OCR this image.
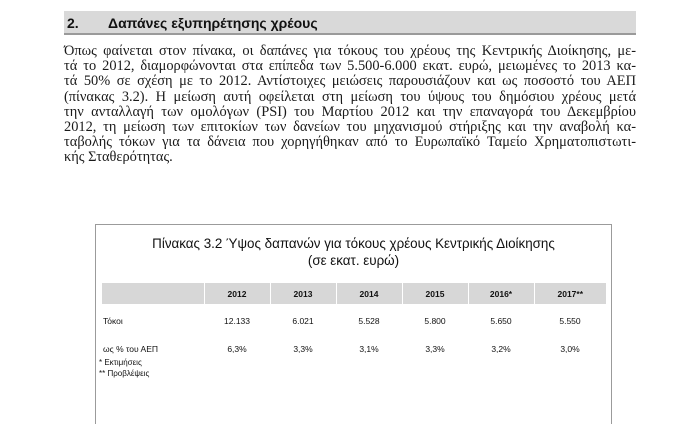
2. Δαπάνες εξυπηρέτησης χρέους
Όπως φαίνεται στον πίνακα, οι δαπάνες για τόκους του χρέους της Κεντρικής Διοίκησης, με-
τά το 2012, διαμορφώνονται στα επίπεδα των 5.500-6.000 εκατ. ευρώ, μειωμένες το 2013 κα-
τά 50% σε σχέση με το 2012. Αντίστοιχες μειώσεις παρουσιάζουν και ως ποσοστό του ΑΕΠ
(πίνακας 3.2). Η μείωση αυτή οφείλεται στη μείωση του ύψους του δημόσιου χρέους μετά
την ανταλλαγή των ομολόγων (PSI) του Μαρτίου 2012 και την επαναγορά του Δεκεμβρίου
2012, τη μείωση των επιτοκίων των δανείων του μηχανισμού στήριξης και την αναβολή κα-
ταβολής τόκων για τα δάνεια που χορηγήθηκαν από το Ευρωπαϊκό Ταμείο Χρηματοπιστωτι-
κής Σταθερότητας.
Πίνακας 3.2 Ύψος δαπανών για τόκους χρέους Κεντρικής Διοίκησης
(σε εκατ. ευρώ)
	2012	2013	2014	2015	2016*	2017**

Τόκοι	12.133	6.021	5.528	5.800	5.650	5.550

ως % του ΑΕΠ	6,3%	3,3%	3,1%	3,3%	3,2%	3,0%
* Εκτιμήσεις
** Προβλέψεις
